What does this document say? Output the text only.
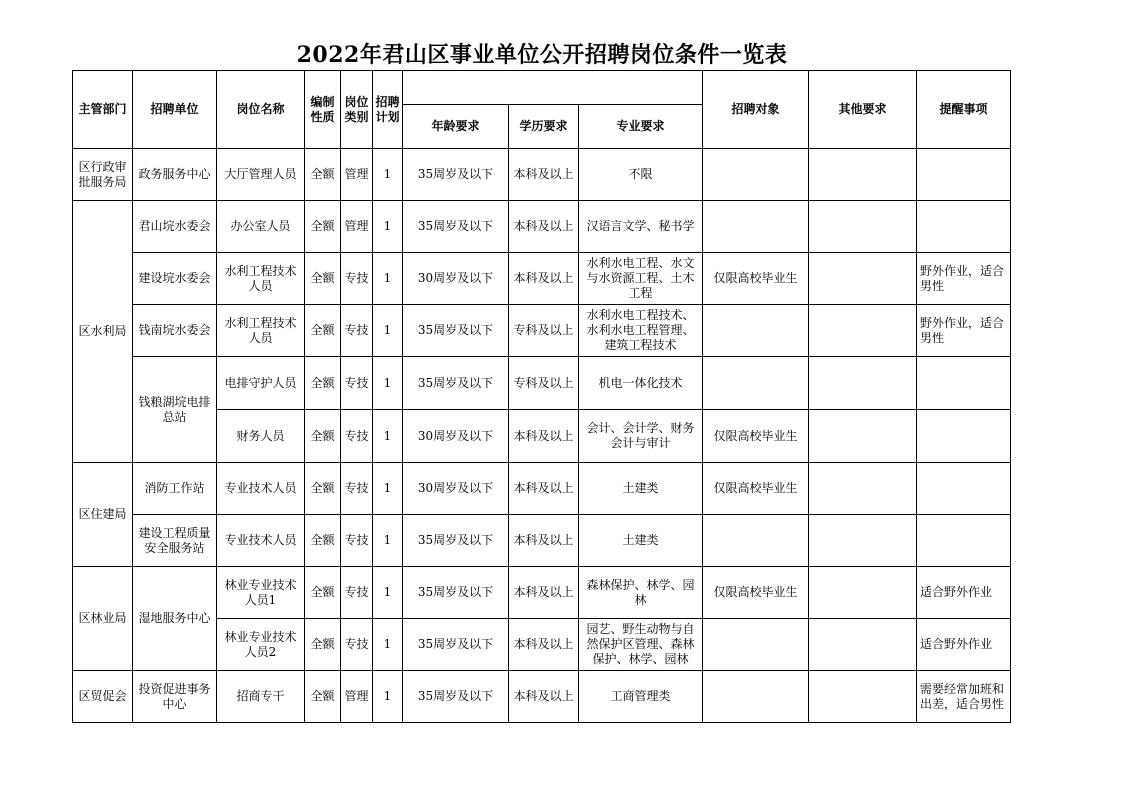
2022年君山区事业单位公开招聘岗位条件一览表
主管部门	招聘单位	岗位名称	编制性质	岗位类别	招聘计划				招聘对象	其他要求	提醒事项
						年龄要求	学历要求	专业要求			
区行政审批服务局	政务服务中心	大厅管理人员	全额	管理	1	35周岁及以下	本科及以上	不限			
区水利局	君山垸水委会	办公室人员	全额	管理	1	35周岁及以下	本科及以上	汉语言文学、秘书学			
	建设垸水委会	水利工程技术人员	全额	专技	1	30周岁及以下	本科及以上	水利水电工程、水文与水资源工程、土木工程	仅限高校毕业生		野外作业，适合男性
	钱南垸水委会	水利工程技术人员	全额	专技	1	35周岁及以下	专科及以上	水利水电工程技术、水利水电工程管理、建筑工程技术			野外作业，适合男性
	钱粮湖垸电排总站	电排守护人员	全额	专技	1	35周岁及以下	专科及以上	机电一体化技术			
		财务人员	全额	专技	1	30周岁及以下	本科及以上	会计、会计学、财务会计与审计	仅限高校毕业生		
区住建局	消防工作站	专业技术人员	全额	专技	1	30周岁及以下	本科及以上	土建类	仅限高校毕业生		
	建设工程质量安全服务站	专业技术人员	全额	专技	1	35周岁及以下	本科及以上	土建类			
区林业局	湿地服务中心	林业专业技术人员1	全额	专技	1	35周岁及以下	本科及以上	森林保护、林学、园林	仅限高校毕业生		适合野外作业
		林业专业技术人员2	全额	专技	1	35周岁及以下	本科及以上	园艺、野生动物与自然保护区管理、森林保护、林学、园林			适合野外作业
区贸促会	投资促进事务中心	招商专干	全额	管理	1	35周岁及以下	本科及以上	工商管理类			需要经常加班和出差，适合男性
